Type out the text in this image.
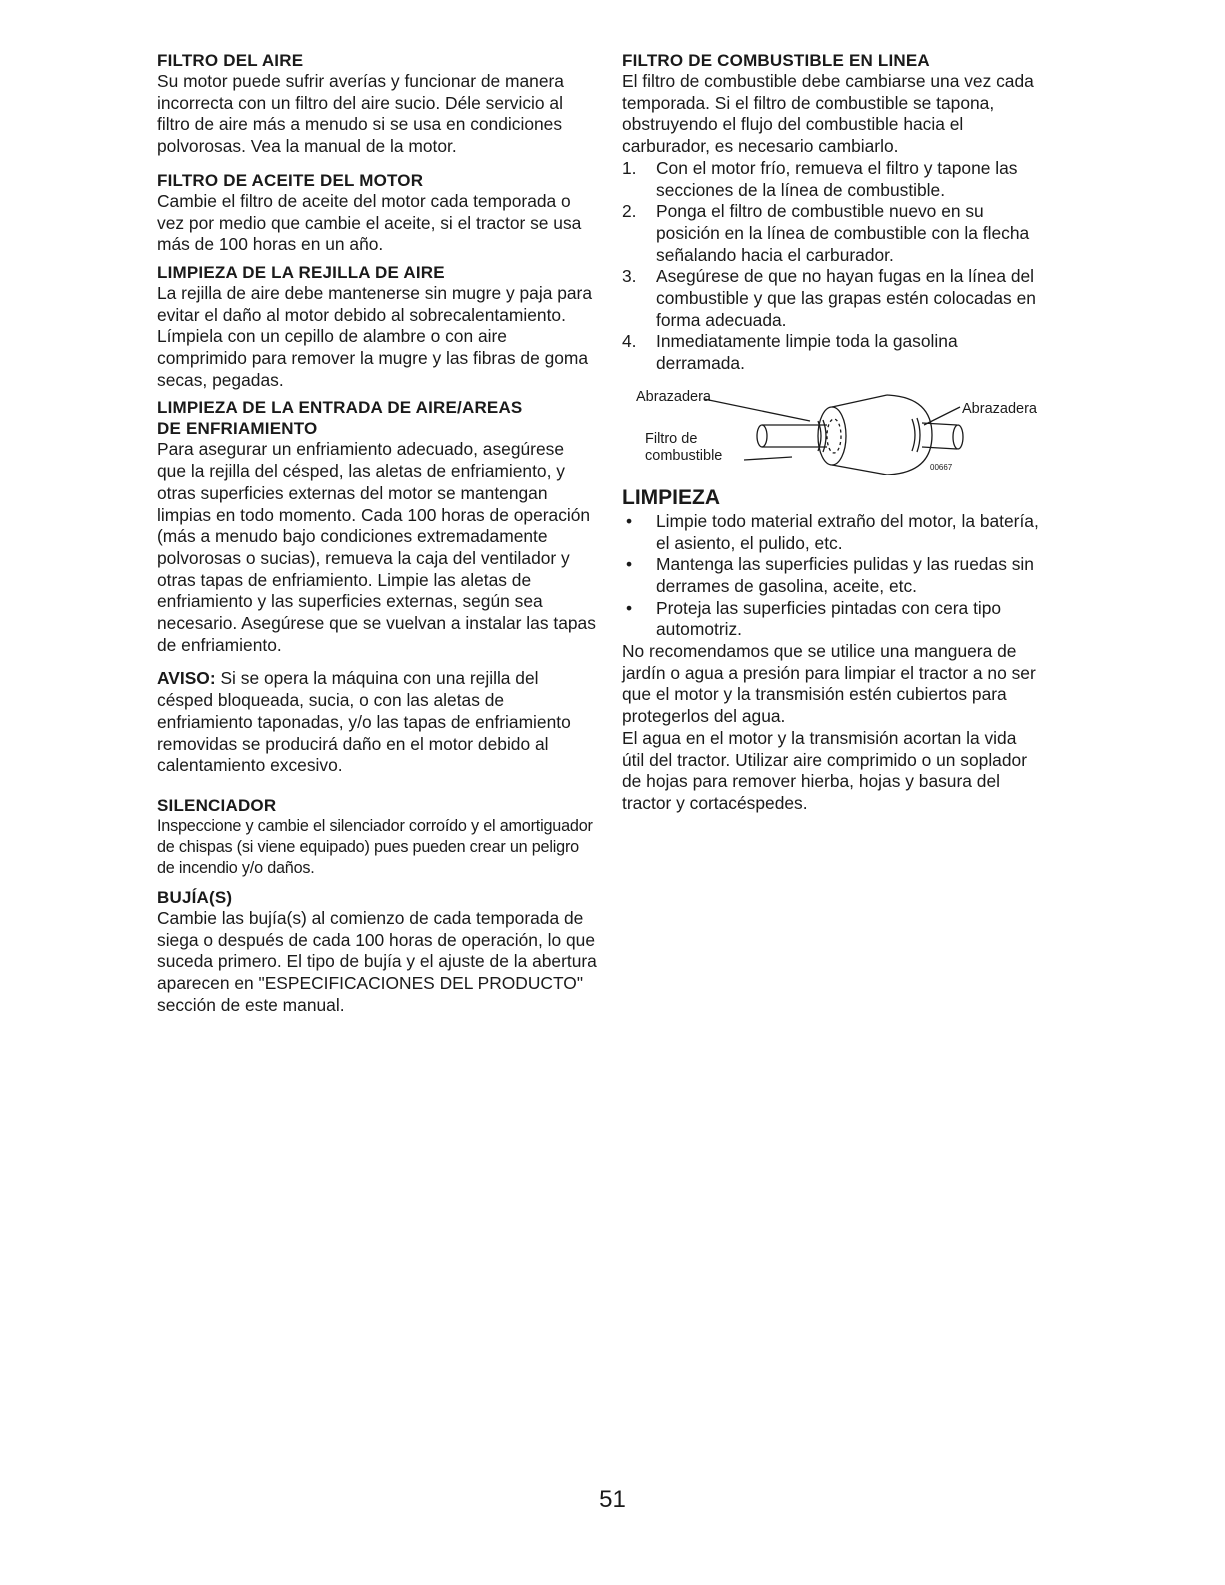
FILTRO DEL AIRE

Su motor puede sufrir averías y funcionar de manera incorrecta con un filtro del aire sucio. Déle servicio al filtro de aire más a menudo si se usa en condiciones polvorosas. Vea la manual de la motor.

FILTRO DE ACEITE DEL MOTOR

Cambie el filtro de aceite del motor cada temporada o vez por medio que cambie el aceite, si el tractor se usa más de 100 horas en un año.

LIMPIEZA DE LA REJILLA DE AIRE

La rejilla de aire debe mantenerse sin mugre y paja para evitar el daño al motor debido al sobrecalentamiento. Límpiela con un cepillo de alambre o con aire comprimido para remover la mugre y las fibras de goma secas, pegadas.

LIMPIEZA DE LA ENTRADA DE AIRE/AREAS
DE ENFRIAMIENTO

Para asegurar un enfriamiento adecuado, asegúrese que la rejilla del césped, las aletas de enfriamiento, y otras superficies externas del motor se mantengan limpias en todo momento. Cada 100 horas de operación (más a menudo bajo condiciones extremadamente polvorosas o sucias), remueva la caja del ventilador y otras tapas de enfriamiento. Limpie las aletas de enfriamiento y las superficies externas, según sea necesario. Asegúrese que se vuelvan a instalar las tapas de enfriamiento.

AVISO: Si se opera la máquina con una rejilla del césped bloqueada, sucia, o con las aletas de enfriamiento taponadas, y/o las tapas de enfriamiento removidas se producirá daño en el motor debido al calentamiento excesivo.

SILENCIADOR

Inspeccione y cambie el silenciador corroído y el amortiguador de chispas (si viene equipado) pues pueden crear un peligro de incendio y/o daños.

BUJÍA(S)

Cambie las bujía(s) al comienzo de cada temporada de siega o después de cada 100 horas de operación, lo que suceda primero. El tipo de bujía y el ajuste de la abertura aparecen en "ESPECIFICACIONES DEL PRODUCTO" sección de este manual.

FILTRO DE COMBUSTIBLE EN LINEA

El filtro de combustible debe cambiarse una vez cada temporada. Si el filtro de combustible se tapona, obstruyendo el flujo del combustible hacia el carburador, es necesario cambiarlo.

1. Con el motor frío, remueva el filtro y tapone las secciones de la línea de combustible.
2. Ponga el filtro de combustible nuevo en su posición en la línea de combustible con la flecha señalando hacia el carburador.
3. Asegúrese de que no hayan fugas en la línea del combustible y que las grapas estén colocadas en forma adecuada.
4. Inmediatamente limpie toda la gasolina derramada.
Abrazadera
Abrazadera
Filtro de
combustible
00667
LIMPIEZA
• Limpie todo material extraño del motor, la batería, el asiento, el pulido, etc.
• Mantenga las superficies pulidas y las ruedas sin derrames de gasolina, aceite, etc.
• Proteja las superficies pintadas con cera tipo automotriz.

No recomendamos que se utilice una manguera de jardín o agua a presión para limpiar el tractor a no ser que el motor y la transmisión estén cubiertos para protegerlos del agua.

El agua en el motor y la transmisión acortan la vida útil del tractor. Utilizar aire comprimido o un soplador de hojas para remover hierba, hojas y basura del tractor y cortacéspedes.

51
